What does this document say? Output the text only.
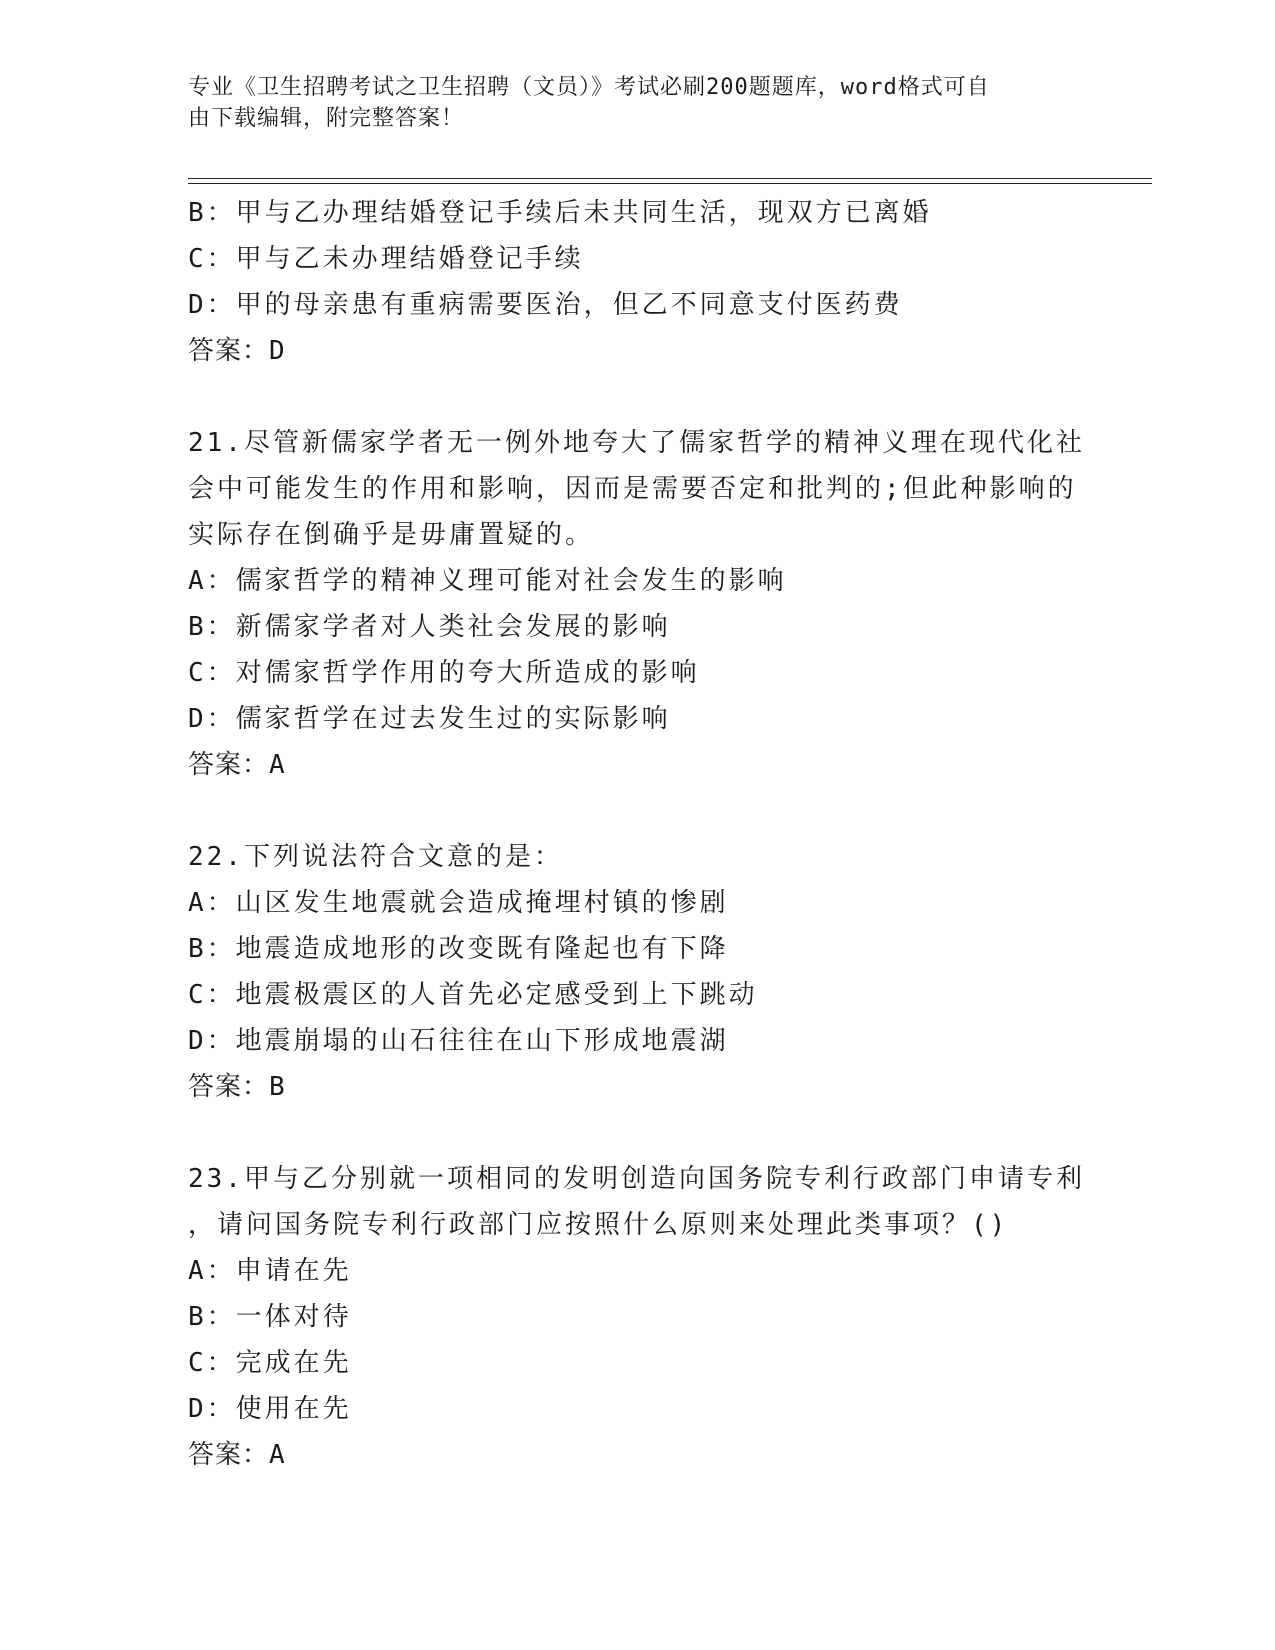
专业《卫生招聘考试之卫生招聘（文员）》考试必刷200题题库，word格式可自
由下载编辑，附完整答案！
B：甲与乙办理结婚登记手续后未共同生活，现双方已离婚
C：甲与乙未办理结婚登记手续
D：甲的母亲患有重病需要医治，但乙不同意支付医药费
答案：D
21.尽管新儒家学者无一例外地夸大了儒家哲学的精神义理在现代化社
会中可能发生的作用和影响，因而是需要否定和批判的;但此种影响的
实际存在倒确乎是毋庸置疑的。
A：儒家哲学的精神义理可能对社会发生的影响
B：新儒家学者对人类社会发展的影响
C：对儒家哲学作用的夸大所造成的影响
D：儒家哲学在过去发生过的实际影响
答案：A
22.下列说法符合文意的是：
A：山区发生地震就会造成掩埋村镇的惨剧
B：地震造成地形的改变既有隆起也有下降
C：地震极震区的人首先必定感受到上下跳动
D：地震崩塌的山石往往在山下形成地震湖
答案：B
23.甲与乙分别就一项相同的发明创造向国务院专利行政部门申请专利
，请问国务院专利行政部门应按照什么原则来处理此类事项？()
A：申请在先
B：一体对待
C：完成在先
D：使用在先
答案：A
